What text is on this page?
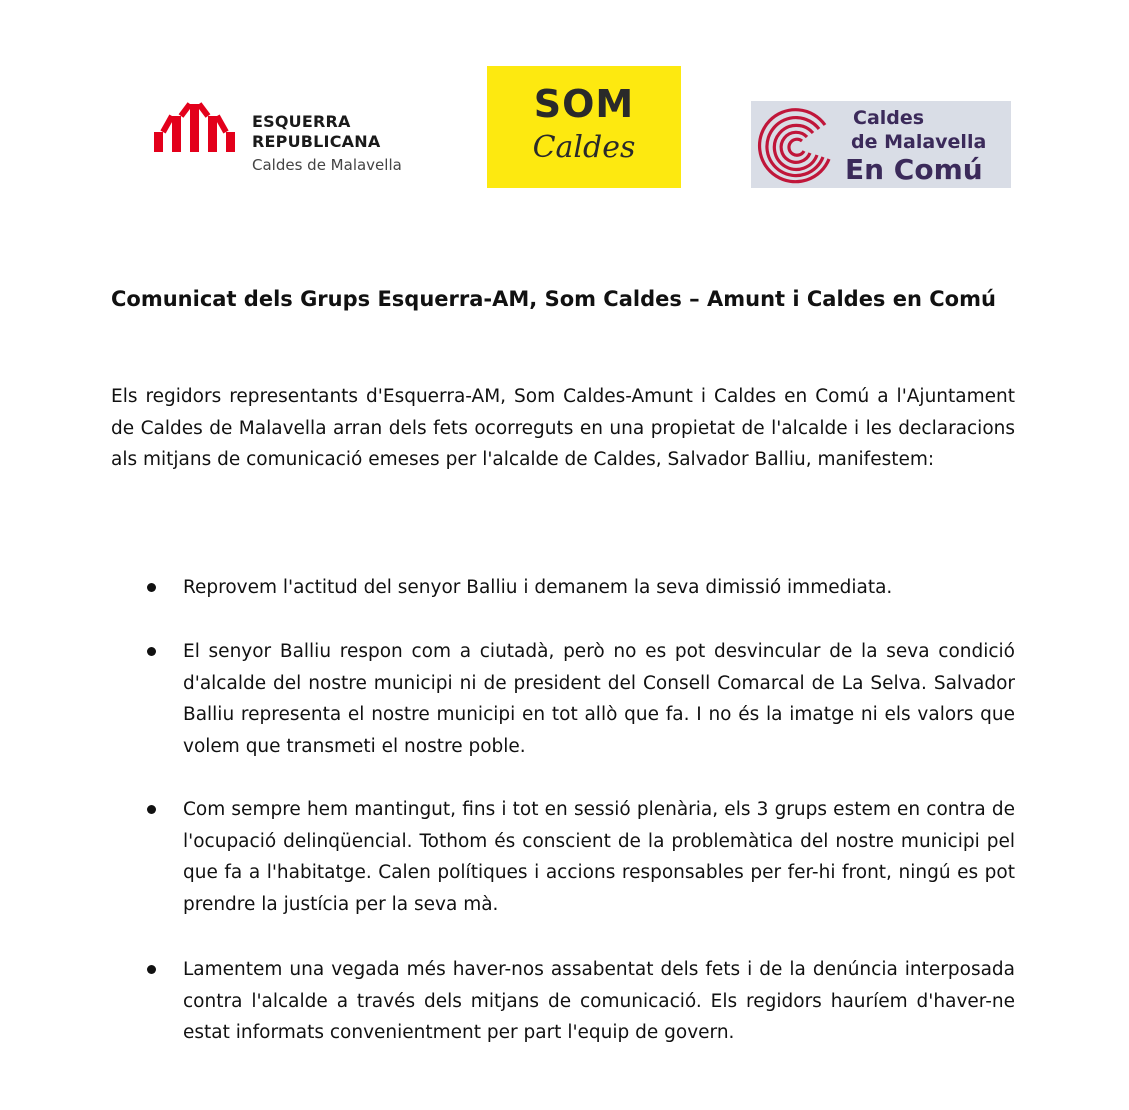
ESQUERRA
REPUBLICANA
Caldes de Malavella
SOM
Caldes
Caldes
de Malavella
En Comú
Comunicat dels Grups Esquerra-AM, Som Caldes – Amunt i Caldes en Comú

Els regidors representants d'Esquerra-AM, Som Caldes-Amunt i Caldes en Comú a l'Ajuntament de Caldes de Malavella arran dels fets ocorreguts en una propietat de l'alcalde i les declaracions als mitjans de comunicació emeses per l'alcalde de Caldes, Salvador Balliu, manifestem:

Reprovem l'actitud del senyor Balliu i demanem la seva dimissió immediata.
El senyor Balliu respon com a ciutadà, però no es pot desvincular de la seva condició d'alcalde del nostre municipi ni de president del Consell Comarcal de La Selva. Salvador Balliu representa el nostre municipi en tot allò que fa. I no és la imatge ni els valors que volem que transmeti el nostre poble.
Com sempre hem mantingut, fins i tot en sessió plenària, els 3 grups estem en contra de l'ocupació delinqüencial. Tothom és conscient de la problemàtica del nostre municipi pel que fa a l'habitatge. Calen polítiques i accions responsables per fer-hi front, ningú es pot prendre la justícia per la seva mà.
Lamentem una vegada més haver-nos assabentat dels fets i de la denúncia interposada contra l'alcalde a través dels mitjans de comunicació. Els regidors hauríem d'haver-ne estat informats convenientment per part l'equip de govern.
